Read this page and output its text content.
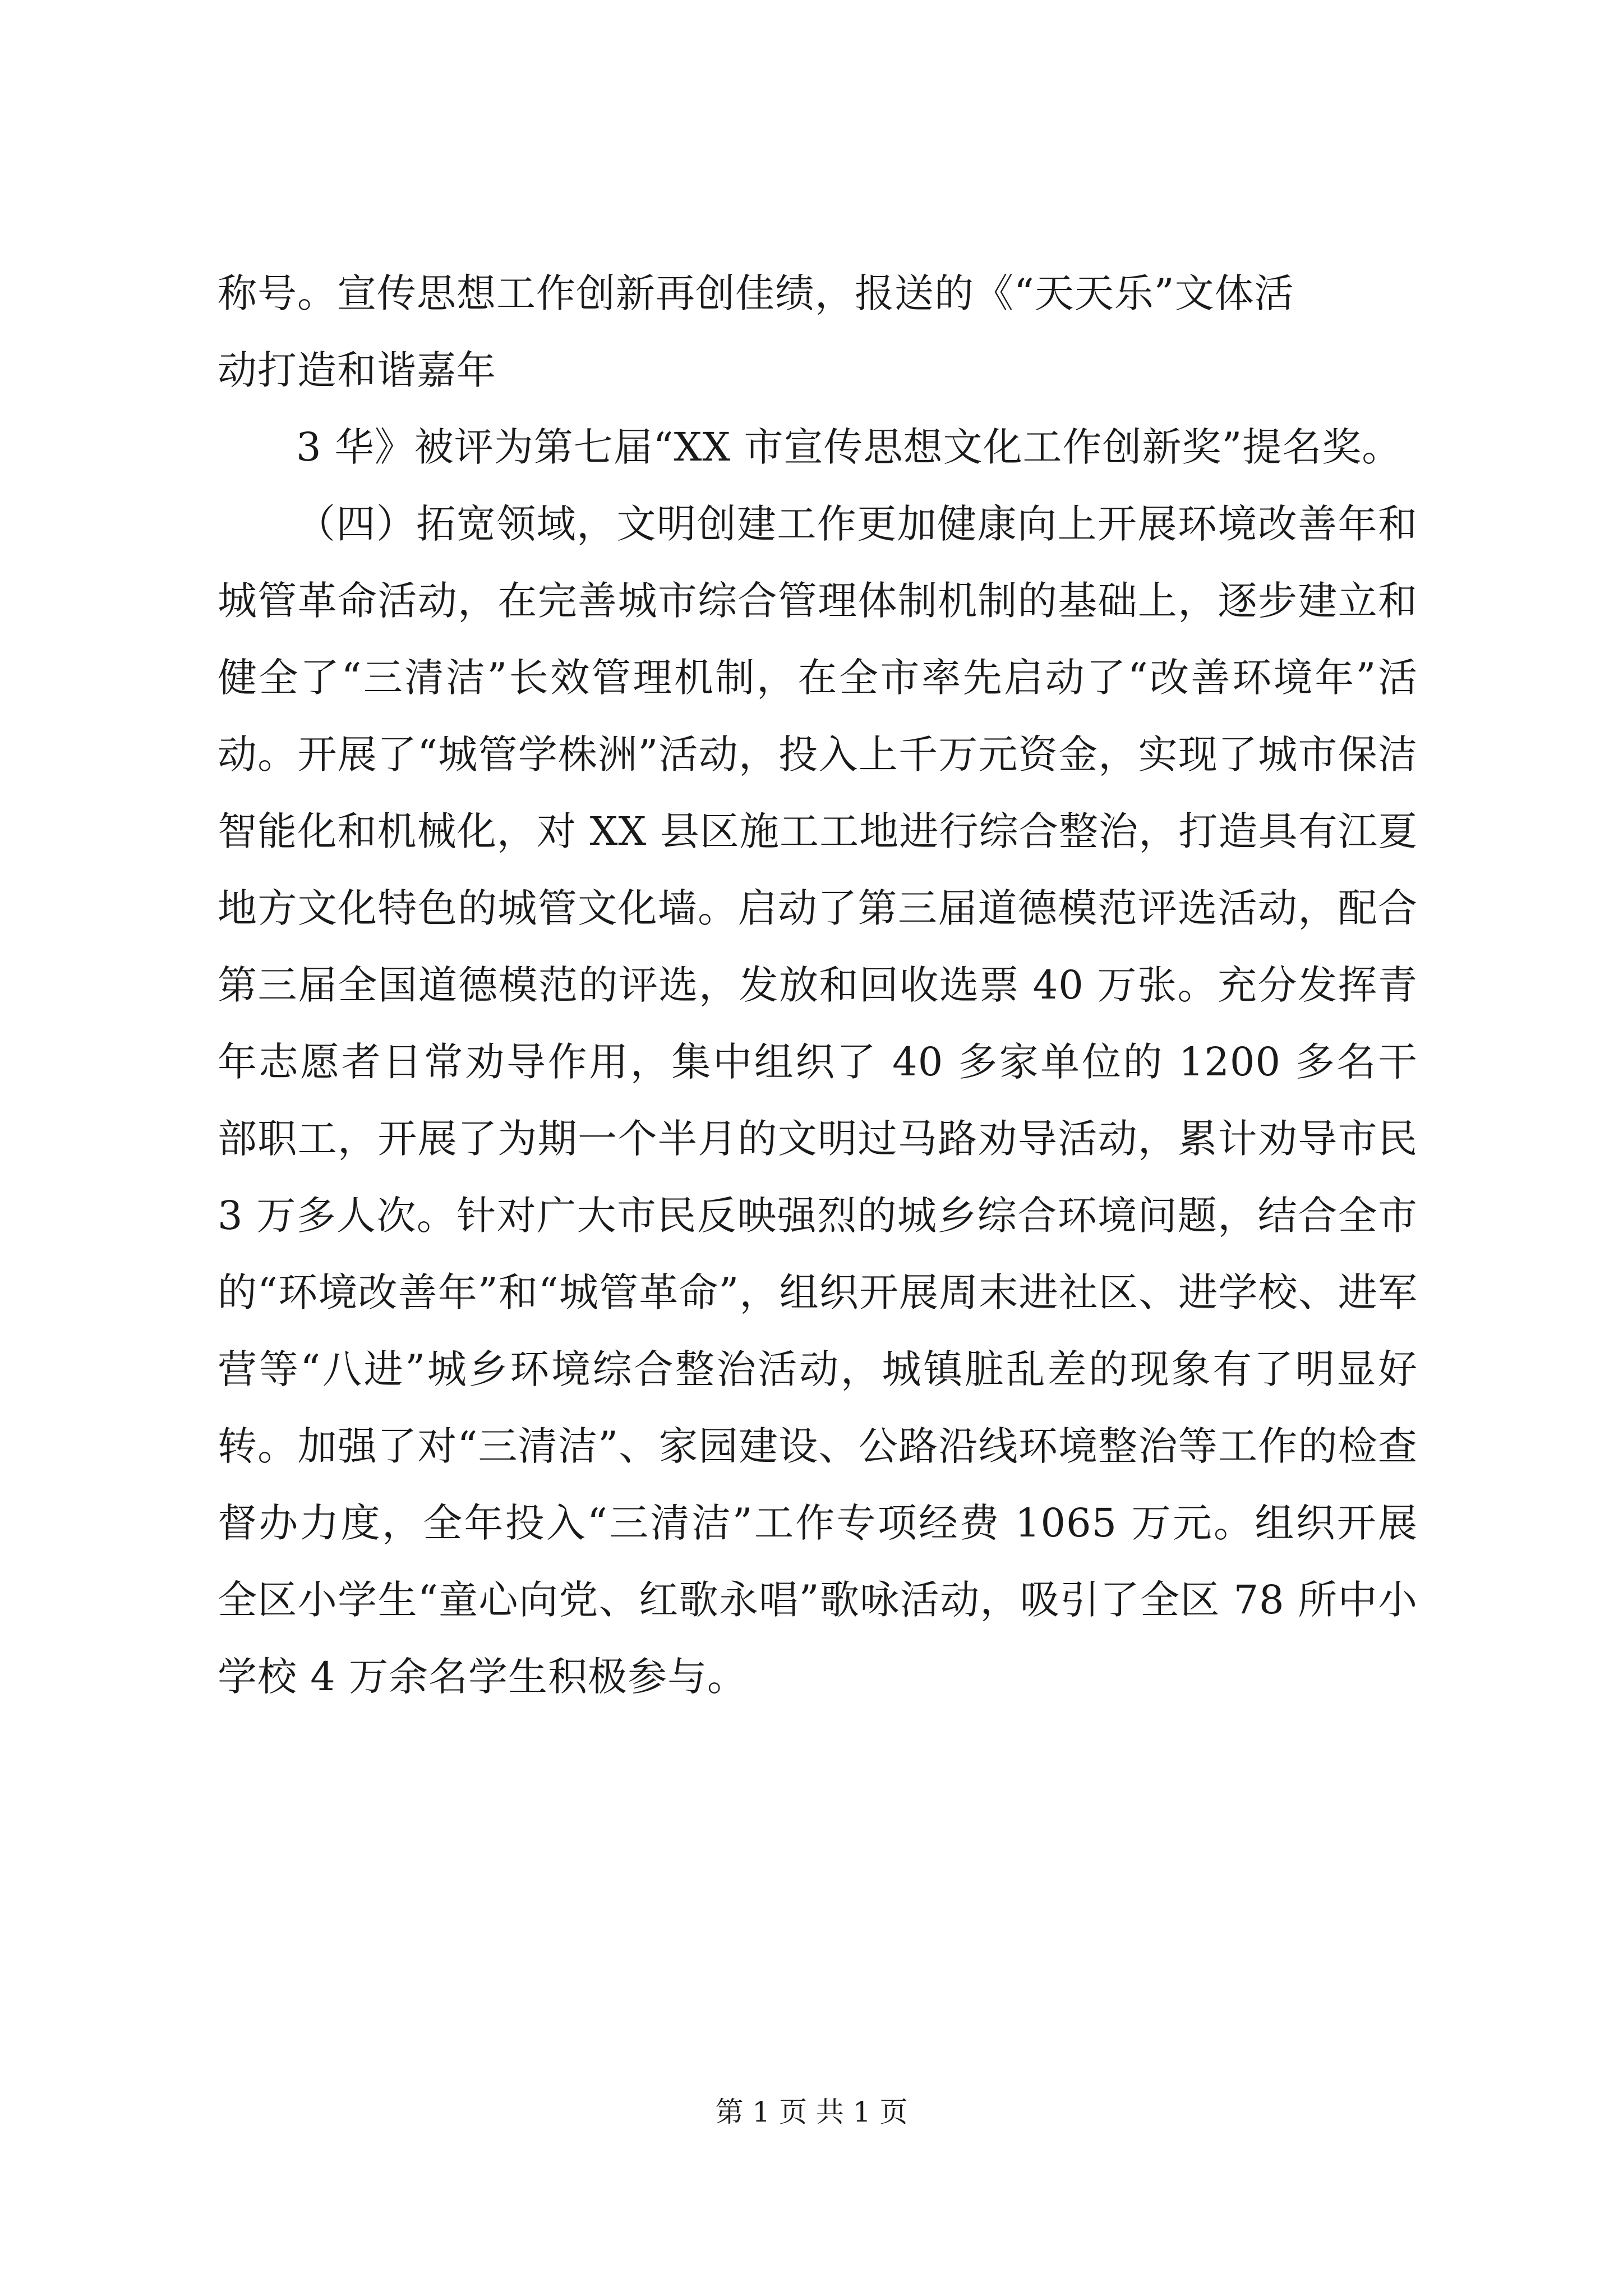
称号。宣传思想工作创新再创佳绩，报送的《“天天乐”文体活
动打造和谐嘉年

3 华》被评为第七届“XX 市宣传思想文化工作创新奖”提名奖。

（四）拓宽领域，文明创建工作更加健康向上开展环境改善年和城管革命活动，在完善城市综合管理体制机制的基础上，逐步建立和健全了“三清洁”长效管理机制，在全市率先启动了“改善环境年”活动。开展了“城管学株洲”活动，投入上千万元资金，实现了城市保洁智能化和机械化，对 XX 县区施工工地进行综合整治，打造具有江夏地方文化特色的城管文化墙。启动了第三届道德模范评选活动，配合第三届全国道德模范的评选，发放和回收选票 40 万张。充分发挥青年志愿者日常劝导作用，集中组织了 40 多家单位的 1200 多名干部职工，开展了为期一个半月的文明过马路劝导活动，累计劝导市民 3 万多人次。针对广大市民反映强烈的城乡综合环境问题，结合全市的“环境改善年”和“城管革命”，组织开展周末进社区、进学校、进军营等“八进”城乡环境综合整治活动，城镇脏乱差的现象有了明显好转。加强了对“三清洁”、家园建设、公路沿线环境整治等工作的检查督办力度，全年投入“三清洁”工作专项经费 1065 万元。组织开展全区小学生“童心向党、红歌永唱”歌咏活动，吸引了全区 78 所中小学校 4 万余名学生积极参与。

第 1 页 共 1 页
